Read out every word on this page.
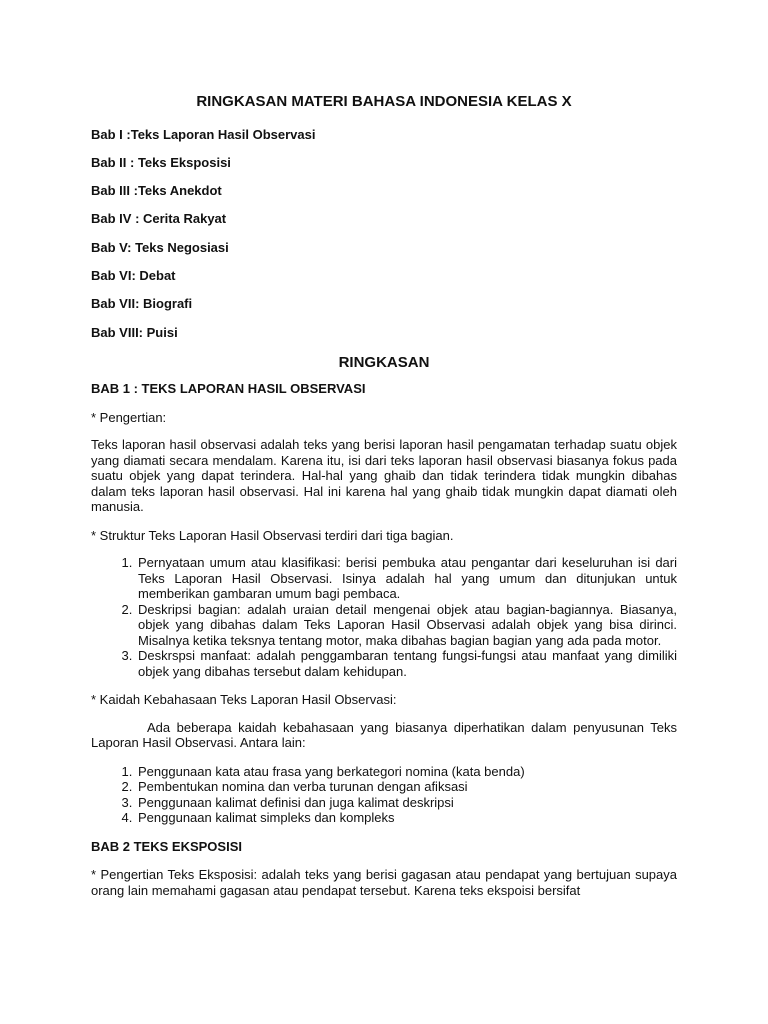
RINGKASAN MATERI BAHASA INDONESIA KELAS X
Bab I :Teks Laporan Hasil Observasi
Bab II : Teks Eksposisi
Bab III :Teks Anekdot
Bab IV : Cerita Rakyat
Bab V: Teks Negosiasi
Bab VI: Debat
Bab VII: Biografi
Bab VIII: Puisi
RINGKASAN
BAB 1 : TEKS LAPORAN HASIL OBSERVASI
* Pengertian:

Teks laporan hasil observasi adalah teks yang berisi laporan hasil pengamatan terhadap suatu objek yang diamati secara mendalam. Karena itu, isi dari teks laporan hasil observasi biasanya fokus pada suatu objek yang dapat terindera. Hal-hal yang ghaib dan tidak terindera tidak mungkin dibahas dalam teks laporan hasil observasi. Hal ini karena hal yang ghaib tidak mungkin dapat diamati oleh manusia.

* Struktur Teks Laporan Hasil Observasi terdiri dari tiga bagian.
1. Pernyataan umum atau klasifikasi: berisi pembuka atau pengantar dari keseluruhan isi dari Teks Laporan Hasil Observasi. Isinya adalah hal yang umum dan ditunjukan untuk memberikan gambaran umum bagi pembaca.
2. Deskripsi bagian: adalah uraian detail mengenai objek atau bagian-bagiannya. Biasanya, objek yang dibahas dalam Teks Laporan Hasil Observasi adalah objek yang bisa dirinci. Misalnya ketika teksnya tentang motor, maka dibahas bagian bagian yang ada pada motor.
3. Deskrspsi manfaat: adalah penggambaran tentang fungsi-fungsi atau manfaat yang dimiliki objek yang dibahas tersebut dalam kehidupan.
* Kaidah Kebahasaan Teks Laporan Hasil Observasi:

Ada beberapa kaidah kebahasaan yang biasanya diperhatikan dalam penyusunan Teks Laporan Hasil Observasi. Antara lain:

1. Penggunaan kata atau frasa yang berkategori nomina (kata benda)
2. Pembentukan nomina dan verba turunan dengan afiksasi
3. Penggunaan kalimat definisi dan juga kalimat deskripsi
4. Penggunaan kalimat simpleks dan kompleks
BAB 2 TEKS EKSPOSISI

* Pengertian Teks Eksposisi: adalah teks yang berisi gagasan atau pendapat yang bertujuan supaya orang lain memahami gagasan atau pendapat tersebut. Karena teks ekspoisi bersifat
